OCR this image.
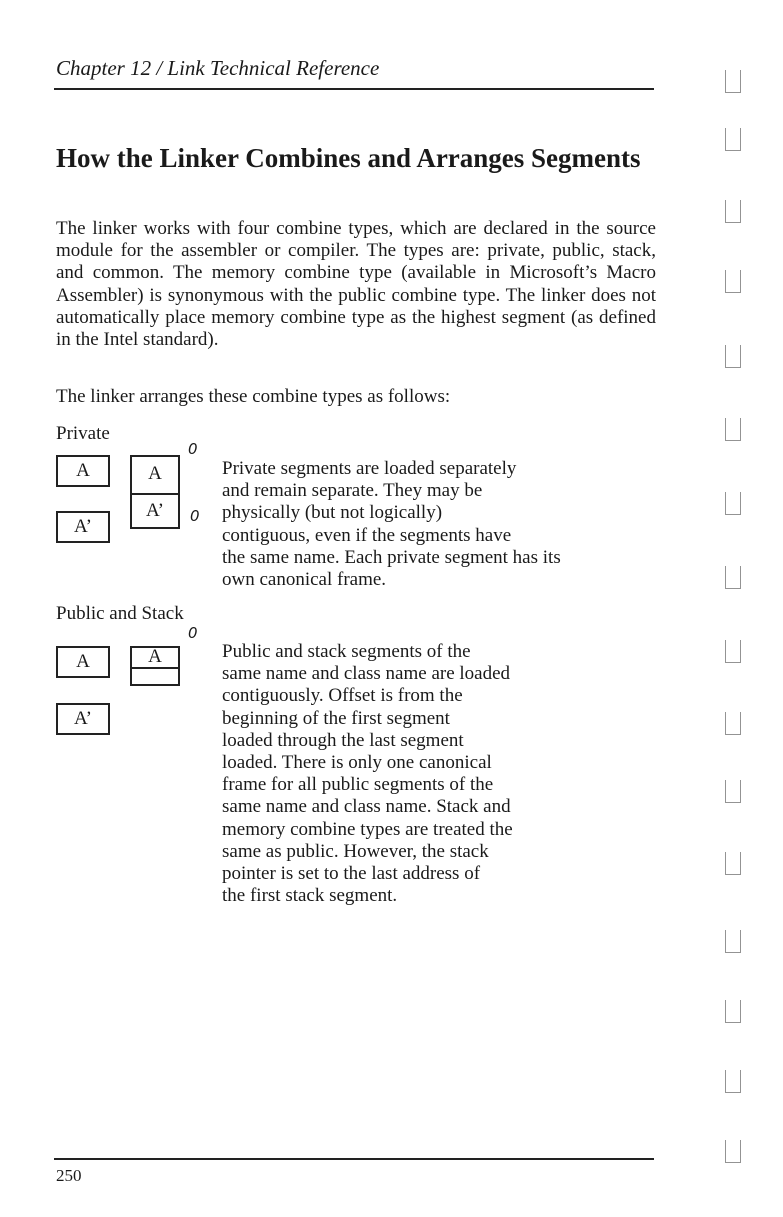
Chapter 12 / Link Technical Reference
How the Linker Combines and Arranges Segments

The linker works with four combine types, which are declared in the source module for the assembler or compiler. The types are: private, public, stack, and common. The memory combine type (available in Microsoft’s Macro Assembler) is synonymous with the public combine type. The linker does not automatically place memory combine type as the highest segment (as defined in the Intel standard).

The linker arranges these combine types as follows:

Private
A
A’
A
A’
0
0
Private segments are loaded separately
and remain separate. They may be
physically (but not logically)
contiguous, even if the segments have
the same name. Each private segment has its
own canonical frame.
Public and Stack
A
A’
A
0
Public and stack segments of the
same name and class name are loaded
contiguously. Offset is from the
beginning of the first segment
loaded through the last segment
loaded. There is only one canonical
frame for all public segments of the
same name and class name. Stack and
memory combine types are treated the
same as public. However, the stack
pointer is set to the last address of
the first stack segment.
250
